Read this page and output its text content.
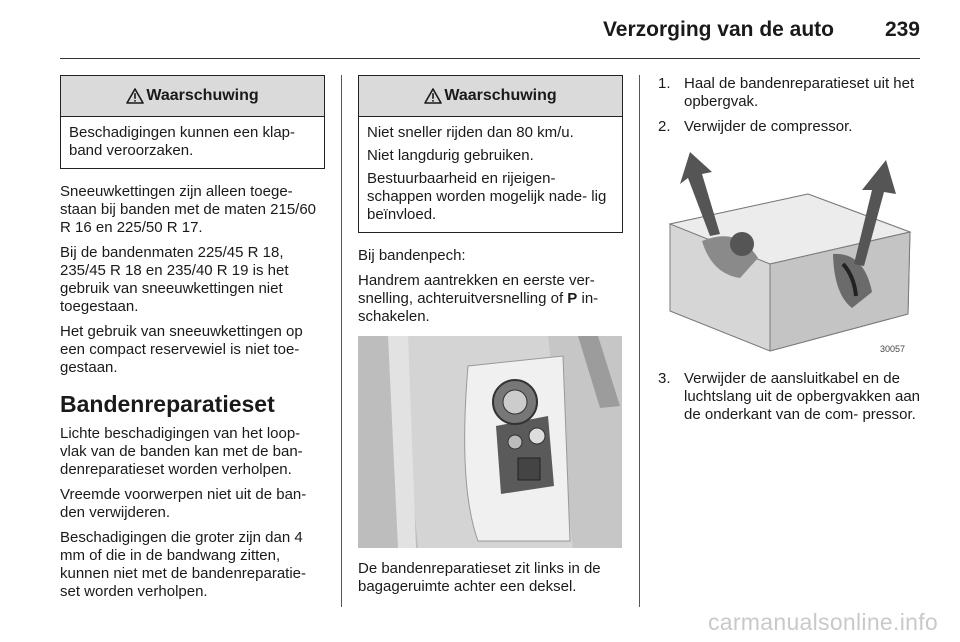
Verzorging van de auto 239
Waarschuwing

Beschadigingen kunnen een klap- band veroorzaken.

Sneeuwkettingen zijn alleen toege- staan bij banden met de maten 215/60 R 16 en 225/50 R 17.

Bij de bandenmaten 225/45 R 18, 235/45 R 18 en 235/40 R 19 is het gebruik van sneeuwkettingen niet toegestaan.

Het gebruik van sneeuwkettingen op een compact reservewiel is niet toe- gestaan.

Bandenreparatieset

Lichte beschadigingen van het loop- vlak van de banden kan met de ban- denreparatieset worden verholpen.

Vreemde voorwerpen niet uit de ban- den verwijderen.

Beschadigingen die groter zijn dan 4 mm of die in de bandwang zitten, kunnen niet met de bandenreparatie- set worden verholpen.

Waarschuwing

Niet sneller rijden dan 80 km/u.

Niet langdurig gebruiken.

Bestuurbaarheid en rijeigen- schappen worden mogelijk nade- lig beïnvloed.

Bij bandenpech:

Handrem aantrekken en eerste ver- snelling, achteruitversnelling of P in- schakelen.

De bandenreparatieset zit links in de bagageruimte achter een deksel.

1. Haal de bandenreparatieset uit het opbergvak.
2. Verwijder de compressor.
30057
3. Verwijder de aansluitkabel en de luchtslang uit de opbergvakken aan de onderkant van de com- pressor.
carmanualsonline.info
